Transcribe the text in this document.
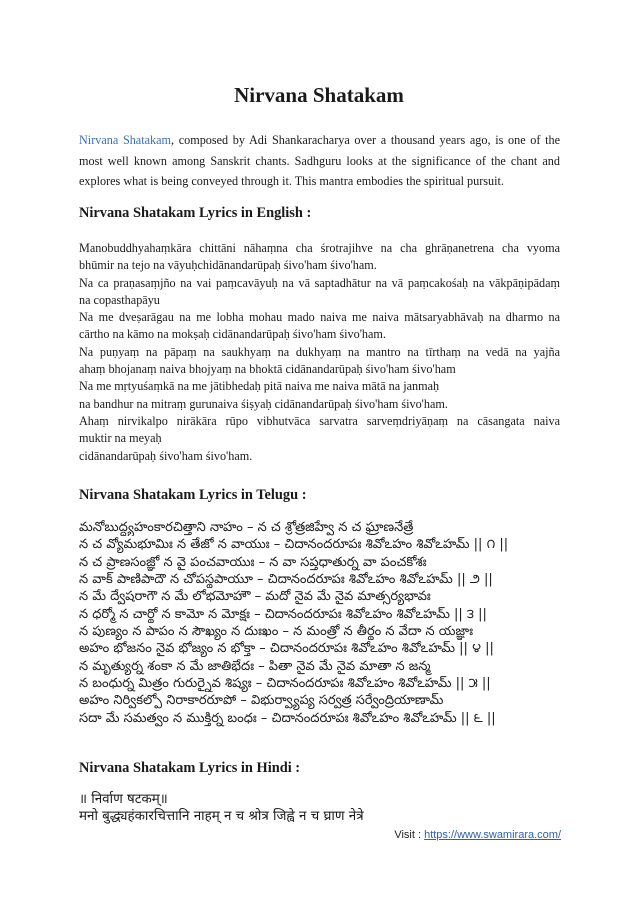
Nirvana Shatakam
Nirvana Shatakam, composed by Adi Shankaracharya over a thousand years ago, is one of the most well known among Sanskrit chants. Sadhguru looks at the significance of the chant and explores what is being conveyed through it. This mantra embodies the spiritual pursuit.
Nirvana Shatakam Lyrics in English :
Manobuddhyahaṃkāra chittāni nāhaṃna cha śrotrajihve na cha ghrāṇanetrena cha vyoma
bhūmir na tejo na vāyuḥchidānandarūpaḥ śivo'ham śivo'ham.
Na ca praṇasaṃjño na vai paṃcavāyuḥ na vā saptadhātur na vā paṃcakośaḥ na vākpāṇipādaṃ
na copasthapāyu
Na me dveṣarāgau na me lobha mohau mado naiva me naiva mātsaryabhāvaḥ na dharmo na
cārtho na kāmo na mokṣaḥ cidānandarūpaḥ śivo'ham śivo'ham.
Na puṇyaṃ na pāpaṃ na saukhyaṃ na dukhyaṃ na mantro na tīrthaṃ na vedā na yajña
ahaṃ bhojanaṃ naiva bhojyaṃ na bhoktā cidānandarūpaḥ śivo'ham śivo'ham
Na me mṛtyuśaṃkā na me jātibhedaḥ pitā naiva me naiva mātā na janmaḥ
na bandhur na mitraṃ gurunaiva śiṣyaḥ cidānandarūpaḥ śivo'ham śivo'ham.
Ahaṃ nirvikalpo nirākāra rūpo vibhutvāca sarvatra sarveṃdriyāṇaṃ na cāsangata naiva
muktir na meyaḥ
cidānandarūpaḥ śivo'ham śivo'ham.
Nirvana Shatakam Lyrics in Telugu :
మనోబుద్ధ్యహంకారచిత్తాని నాహం – న చ శ్రోత్రజిహ్వే న చ ఘ్రాణనేత్రే
న చ వ్యోమభూమిః న తేజో న వాయుః – చిదానందరూపః శివోఽహం శివోఽహమ్ || ౧ ||
న చ ప్రాణసంజ్ఞో న వై పంచవాయుః – న వా సప్తధాతుర్న వా పంచకోశః
న వాక్ పాణిపాదౌ న చోపస్థపాయూ – చిదానందరూపః శివోఽహం శివోఽహమ్ || ౨ ||
న మే ద్వేషరాగౌ న మే లోభమోహౌ – మదో నైవ మే నైవ మాత్సర్యభావః
న ధర్మో న చార్థో న కామో న మోక్షః – చిదానందరూపః శివోఽహం శివోఽహమ్ || ౩ ||
న పుణ్యం న పాపం న సౌఖ్యం న దుఃఖం – న మంత్రో న తీర్థం న వేదా న యజ్ఞాః
అహం భోజనం నైవ భోజ్యం న భోక్తా – చిదానందరూపః శివోఽహం శివోఽహమ్ || ౪ ||
న మృత్యుర్న శంకా న మే జాతిభేదః – పితా నైవ మే నైవ మాతా న జన్మ
న బంధుర్న మిత్రం గురుర్నైవ శిష్యః – చిదానందరూపః శివోఽహం శివోఽహమ్ || ౫ ||
అహం నిర్వికల్పో నిరాకారరూపో – విభుర్వ్యాప్య సర్వత్ర సర్వేంద్రియాణామ్
సదా మే సమత్వం న ముక్తిర్న బంధః – చిదానందరూపః శివోఽహం శివోఽహమ్ || ౬ ||
Nirvana Shatakam Lyrics in Hindi :
॥ निर्वाण षटकम्॥
मनो बुद्ध्यहंकारचित्तानि नाहम् न च श्रोत्र जिह्वे न च घ्राण नेत्रे
Visit : https://www.swamirara.com/
